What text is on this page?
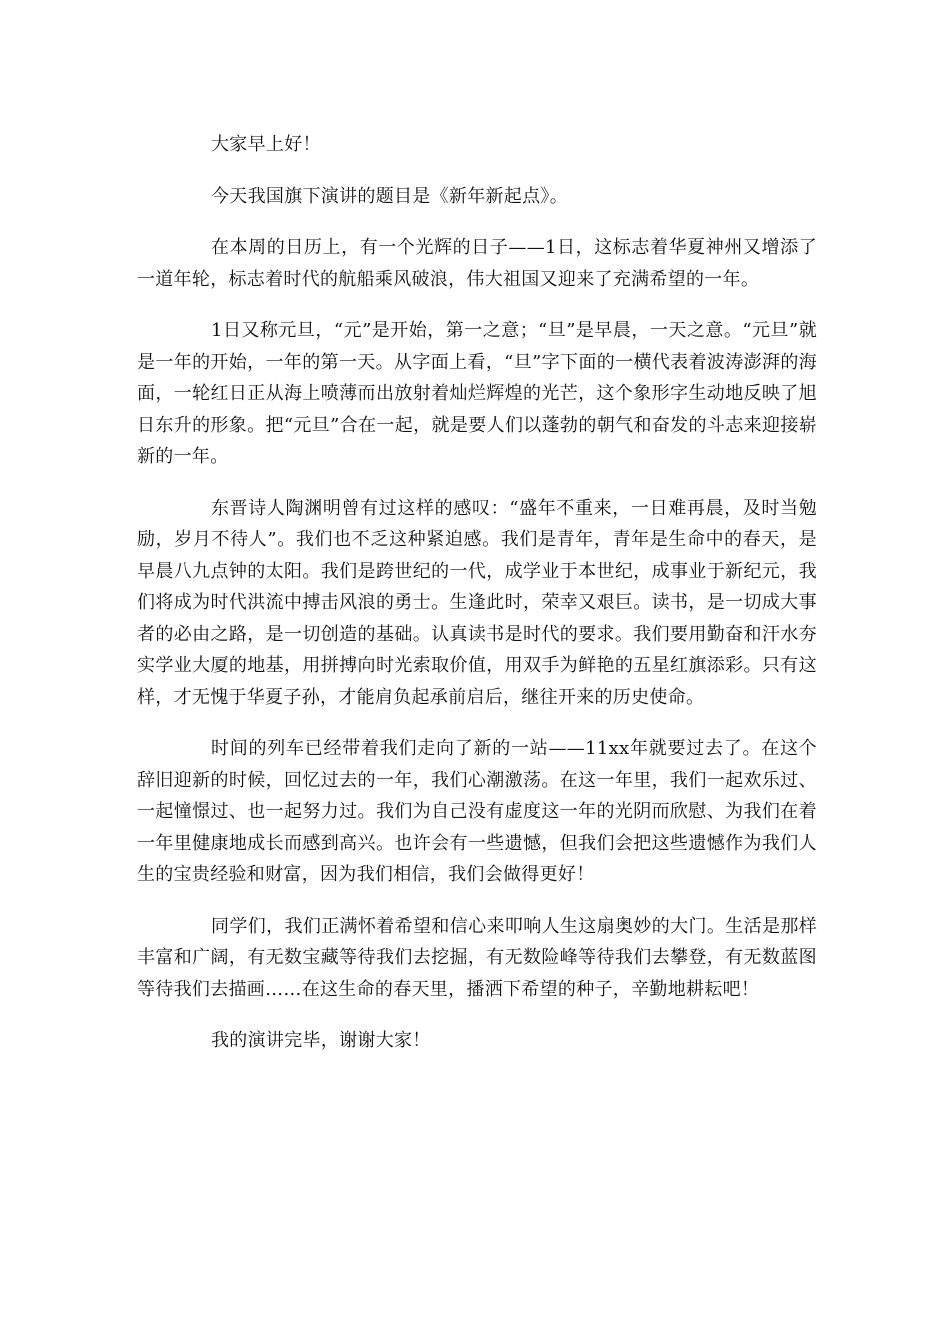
大家早上好！

今天我国旗下演讲的题目是《新年新起点》。

在本周的日历上，有一个光辉的日子——1日，这标志着华夏神州又增添了一道年轮，标志着时代的航船乘风破浪，伟大祖国又迎来了充满希望的一年。

1日又称元旦，“元”是开始，第一之意；“旦”是早晨，一天之意。“元旦”就是一年的开始，一年的第一天。从字面上看，“旦”字下面的一横代表着波涛澎湃的海面，一轮红日正从海上喷薄而出放射着灿烂辉煌的光芒，这个象形字生动地反映了旭日东升的形象。把“元旦”合在一起，就是要人们以蓬勃的朝气和奋发的斗志来迎接崭新的一年。

东晋诗人陶渊明曾有过这样的感叹：“盛年不重来，一日难再晨，及时当勉励，岁月不待人”。我们也不乏这种紧迫感。我们是青年，青年是生命中的春天，是早晨八九点钟的太阳。我们是跨世纪的一代，成学业于本世纪，成事业于新纪元，我们将成为时代洪流中搏击风浪的勇士。生逢此时，荣幸又艰巨。读书，是一切成大事者的必由之路，是一切创造的基础。认真读书是时代的要求。我们要用勤奋和汗水夯实学业大厦的地基，用拼搏向时光索取价值，用双手为鲜艳的五星红旗添彩。只有这样，才无愧于华夏子孙，才能肩负起承前启后，继往开来的历史使命。

时间的列车已经带着我们走向了新的一站——11xx年就要过去了。在这个辞旧迎新的时候，回忆过去的一年，我们心潮激荡。在这一年里，我们一起欢乐过、一起憧憬过、也一起努力过。我们为自己没有虚度这一年的光阴而欣慰、为我们在着一年里健康地成长而感到高兴。也许会有一些遗憾，但我们会把这些遗憾作为我们人生的宝贵经验和财富，因为我们相信，我们会做得更好！

同学们，我们正满怀着希望和信心来叩响人生这扇奥妙的大门。生活是那样丰富和广阔，有无数宝藏等待我们去挖掘，有无数险峰等待我们去攀登，有无数蓝图等待我们去描画……在这生命的春天里，播洒下希望的种子，辛勤地耕耘吧！

我的演讲完毕，谢谢大家！
